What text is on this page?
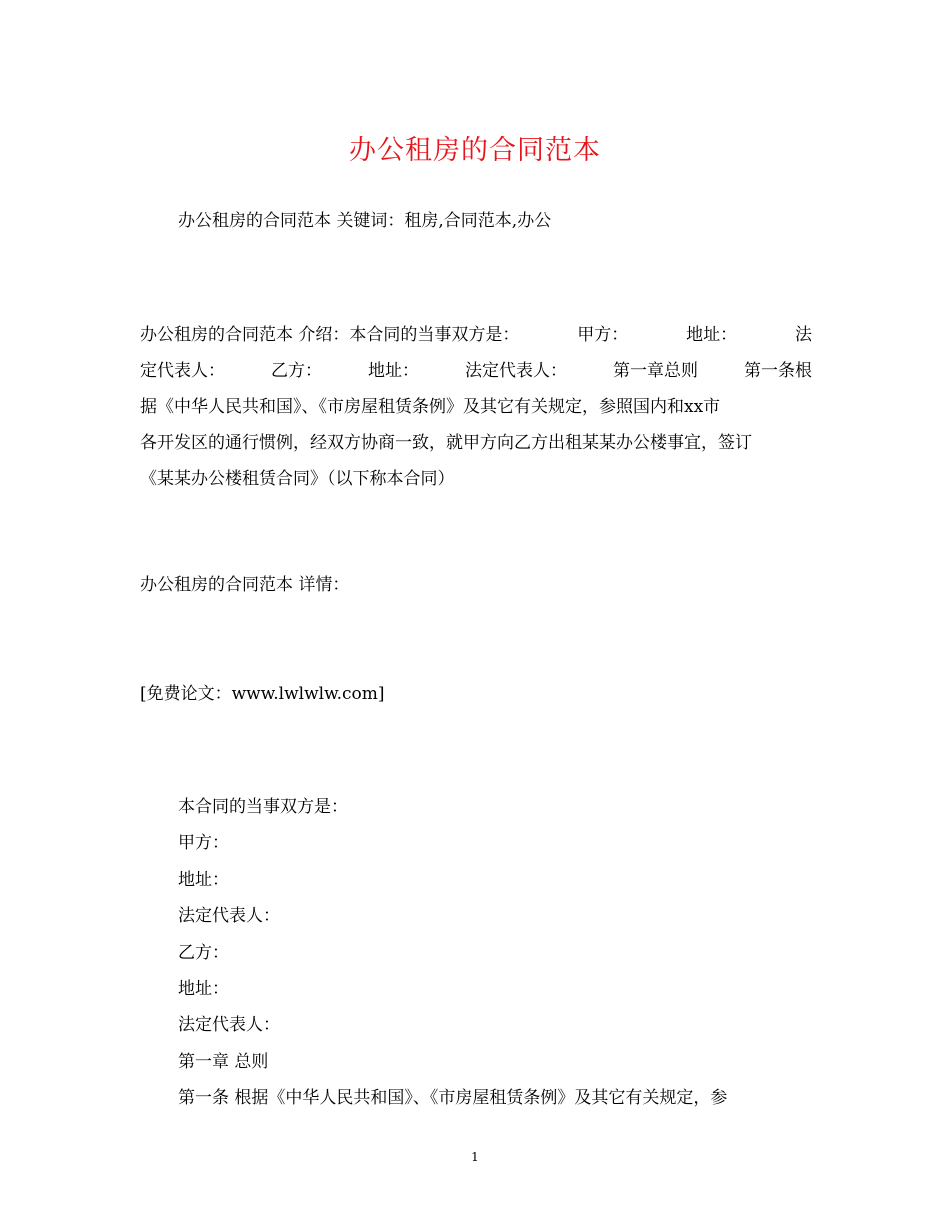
办公租房的合同范本
办公租房的合同范本 关键词：租房,合同范本,办公
办公租房的合同范本 介绍：本合同的当事双方是：	甲方：	地址：	法
定代表人：	乙方：	地址：	法定代表人：	第一章总则	第一条根
据《中华人民共和国》、《市房屋租赁条例》及其它有关规定，参照国内和xx市
各开发区的通行惯例，经双方协商一致，就甲方向乙方出租某某办公楼事宜，签订
《某某办公楼租赁合同》（以下称本合同）
办公租房的合同范本 详情：
[免费论文：www.lwlwlw.com]
本合同的当事双方是：
甲方：
地址：
法定代表人：
乙方：
地址：
法定代表人：
第一章 总则
第一条 根据《中华人民共和国》、《市房屋租赁条例》及其它有关规定，参
1
